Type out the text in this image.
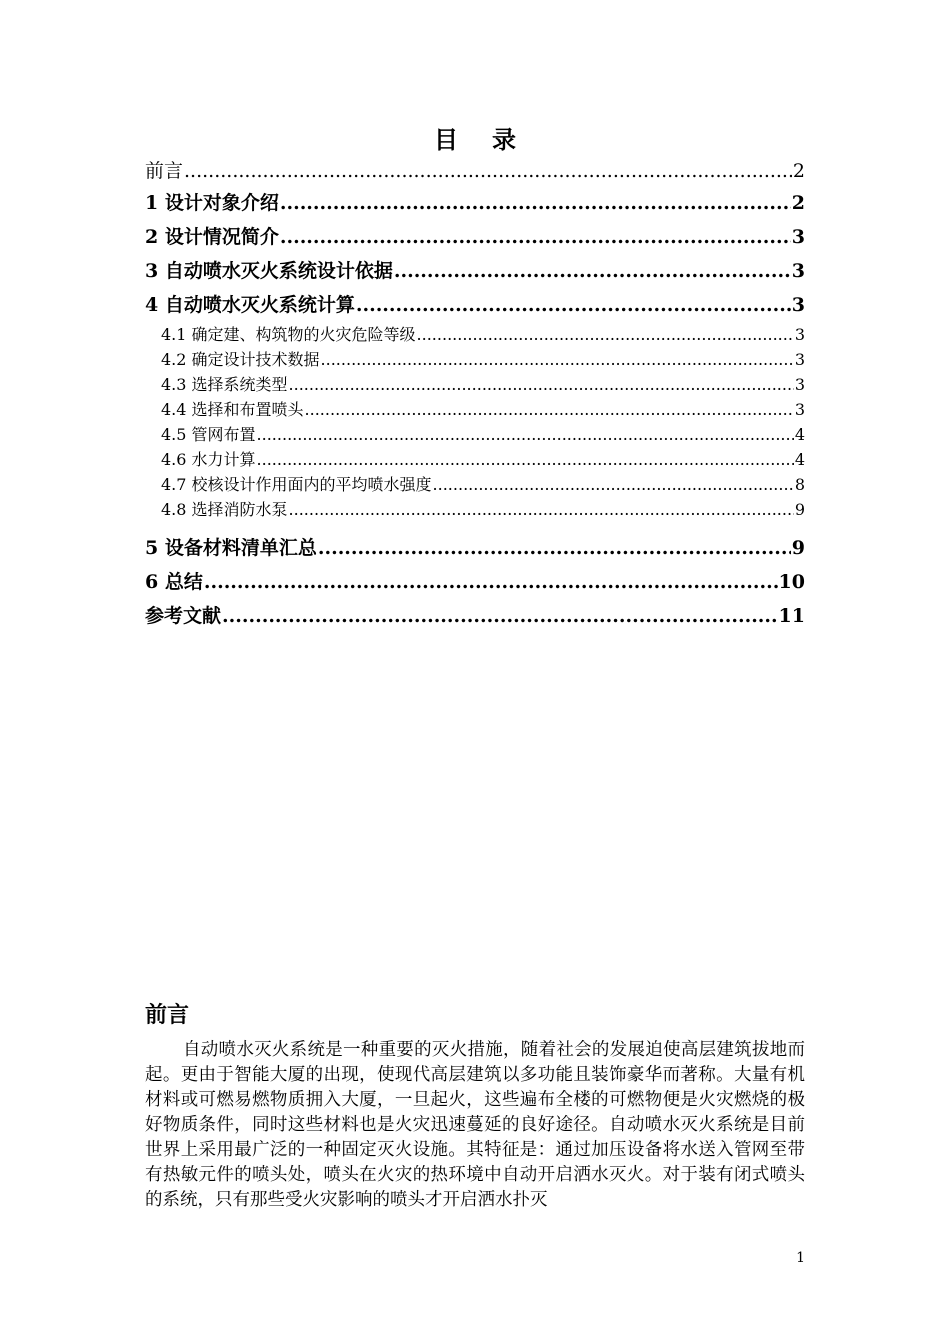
目录
前言 .....	2
1 设计对象介绍 .....	2
2 设计情况简介 .....	3
3 自动喷水灭火系统设计依据 .....	3
4 自动喷水灭火系统计算 .....	3
4.1 确定建、构筑物的火灾危险等级 .....	3
4.2 确定设计技术数据 .....	3
4.3 选择系统类型 .....	3
4.4 选择和布置喷头 .....	3
4.5 管网布置 .....	4
4.6 水力计算 .....	4
4.7 校核设计作用面内的平均喷水强度 .....	8
4.8 选择消防水泵 .....	9
5 设备材料清单汇总 .....	9
6 总结 .....	10
参考文献 .....	11
前言
自动喷水灭火系统是一种重要的灭火措施，随着社会的发展迫使高层建筑拔地而起。更由于智能大厦的出现，使现代高层建筑以多功能且装饰豪华而著称。大量有机材料或可燃易燃物质拥入大厦，一旦起火，这些遍布全楼的可燃物便是火灾燃烧的极好物质条件，同时这些材料也是火灾迅速蔓延的良好途径。自动喷水灭火系统是目前世界上采用最广泛的一种固定灭火设施。其特征是：通过加压设备将水送入管网至带有热敏元件的喷头处，喷头在火灾的热环境中自动开启洒水灭火。对于装有闭式喷头的系统，只有那些受火灾影响的喷头才开启洒水扑灭
1
